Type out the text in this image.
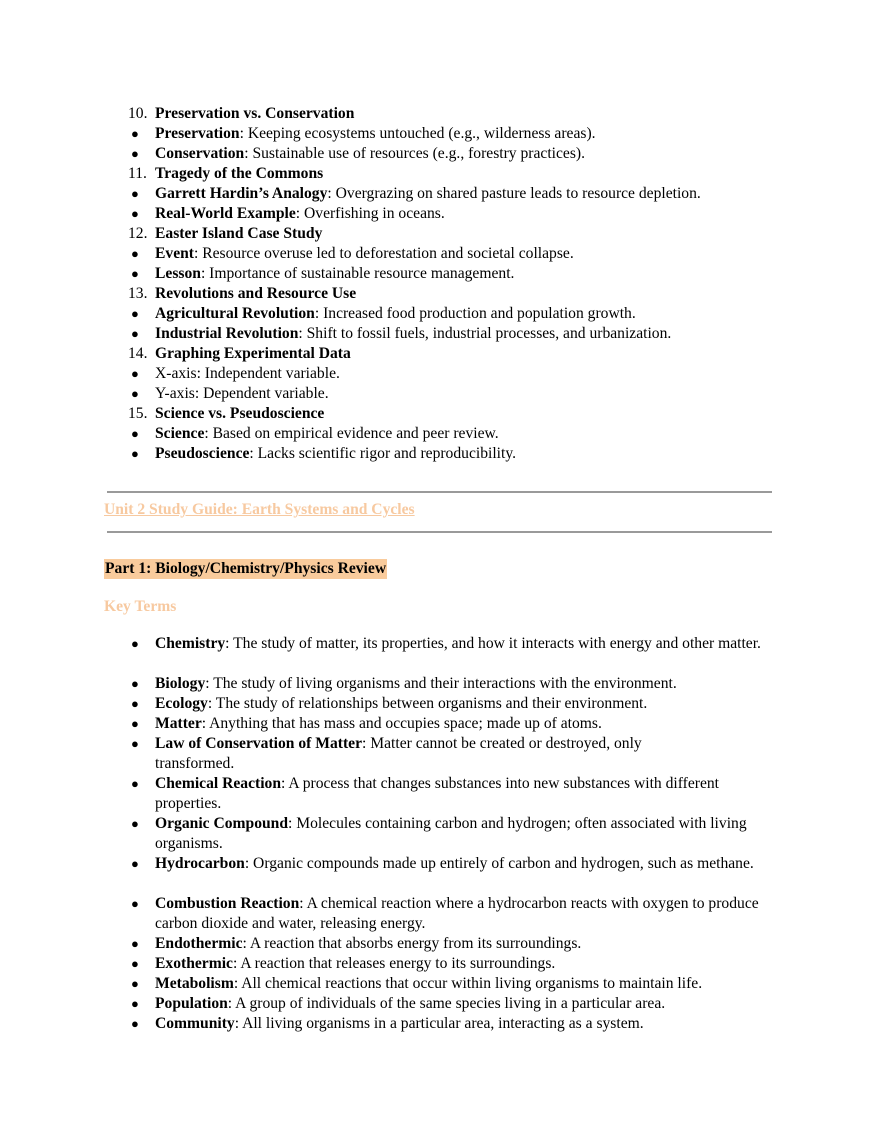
10. Preservation vs. Conservation
● Preservation: Keeping ecosystems untouched (e.g., wilderness areas).
● Conservation: Sustainable use of resources (e.g., forestry practices).
11. Tragedy of the Commons
● Garrett Hardin’s Analogy: Overgrazing on shared pasture leads to resource depletion.
● Real-World Example: Overfishing in oceans.
12. Easter Island Case Study
● Event: Resource overuse led to deforestation and societal collapse.
● Lesson: Importance of sustainable resource management.
13. Revolutions and Resource Use
● Agricultural Revolution: Increased food production and population growth.
● Industrial Revolution: Shift to fossil fuels, industrial processes, and urbanization.
14. Graphing Experimental Data
● X-axis: Independent variable.
● Y-axis: Dependent variable.
15. Science vs. Pseudoscience
● Science: Based on empirical evidence and peer review.
● Pseudoscience: Lacks scientific rigor and reproducibility.
Unit 2 Study Guide: Earth Systems and Cycles
Part 1: Biology/Chemistry/Physics Review
Key Terms
● Chemistry: The study of matter, its properties, and how it interacts with energy and other matter.
● Biology: The study of living organisms and their interactions with the environment.
● Ecology: The study of relationships between organisms and their environment.
● Matter: Anything that has mass and occupies space; made up of atoms.
● Law of Conservation of Matter: Matter cannot be created or destroyed, only transformed.
● Chemical Reaction: A process that changes substances into new substances with different properties.
● Organic Compound: Molecules containing carbon and hydrogen; often associated with living organisms.
● Hydrocarbon: Organic compounds made up entirely of carbon and hydrogen, such as methane.
● Combustion Reaction: A chemical reaction where a hydrocarbon reacts with oxygen to produce carbon dioxide and water, releasing energy.
● Endothermic: A reaction that absorbs energy from its surroundings.
● Exothermic: A reaction that releases energy to its surroundings.
● Metabolism: All chemical reactions that occur within living organisms to maintain life.
● Population: A group of individuals of the same species living in a particular area.
● Community: All living organisms in a particular area, interacting as a system.
